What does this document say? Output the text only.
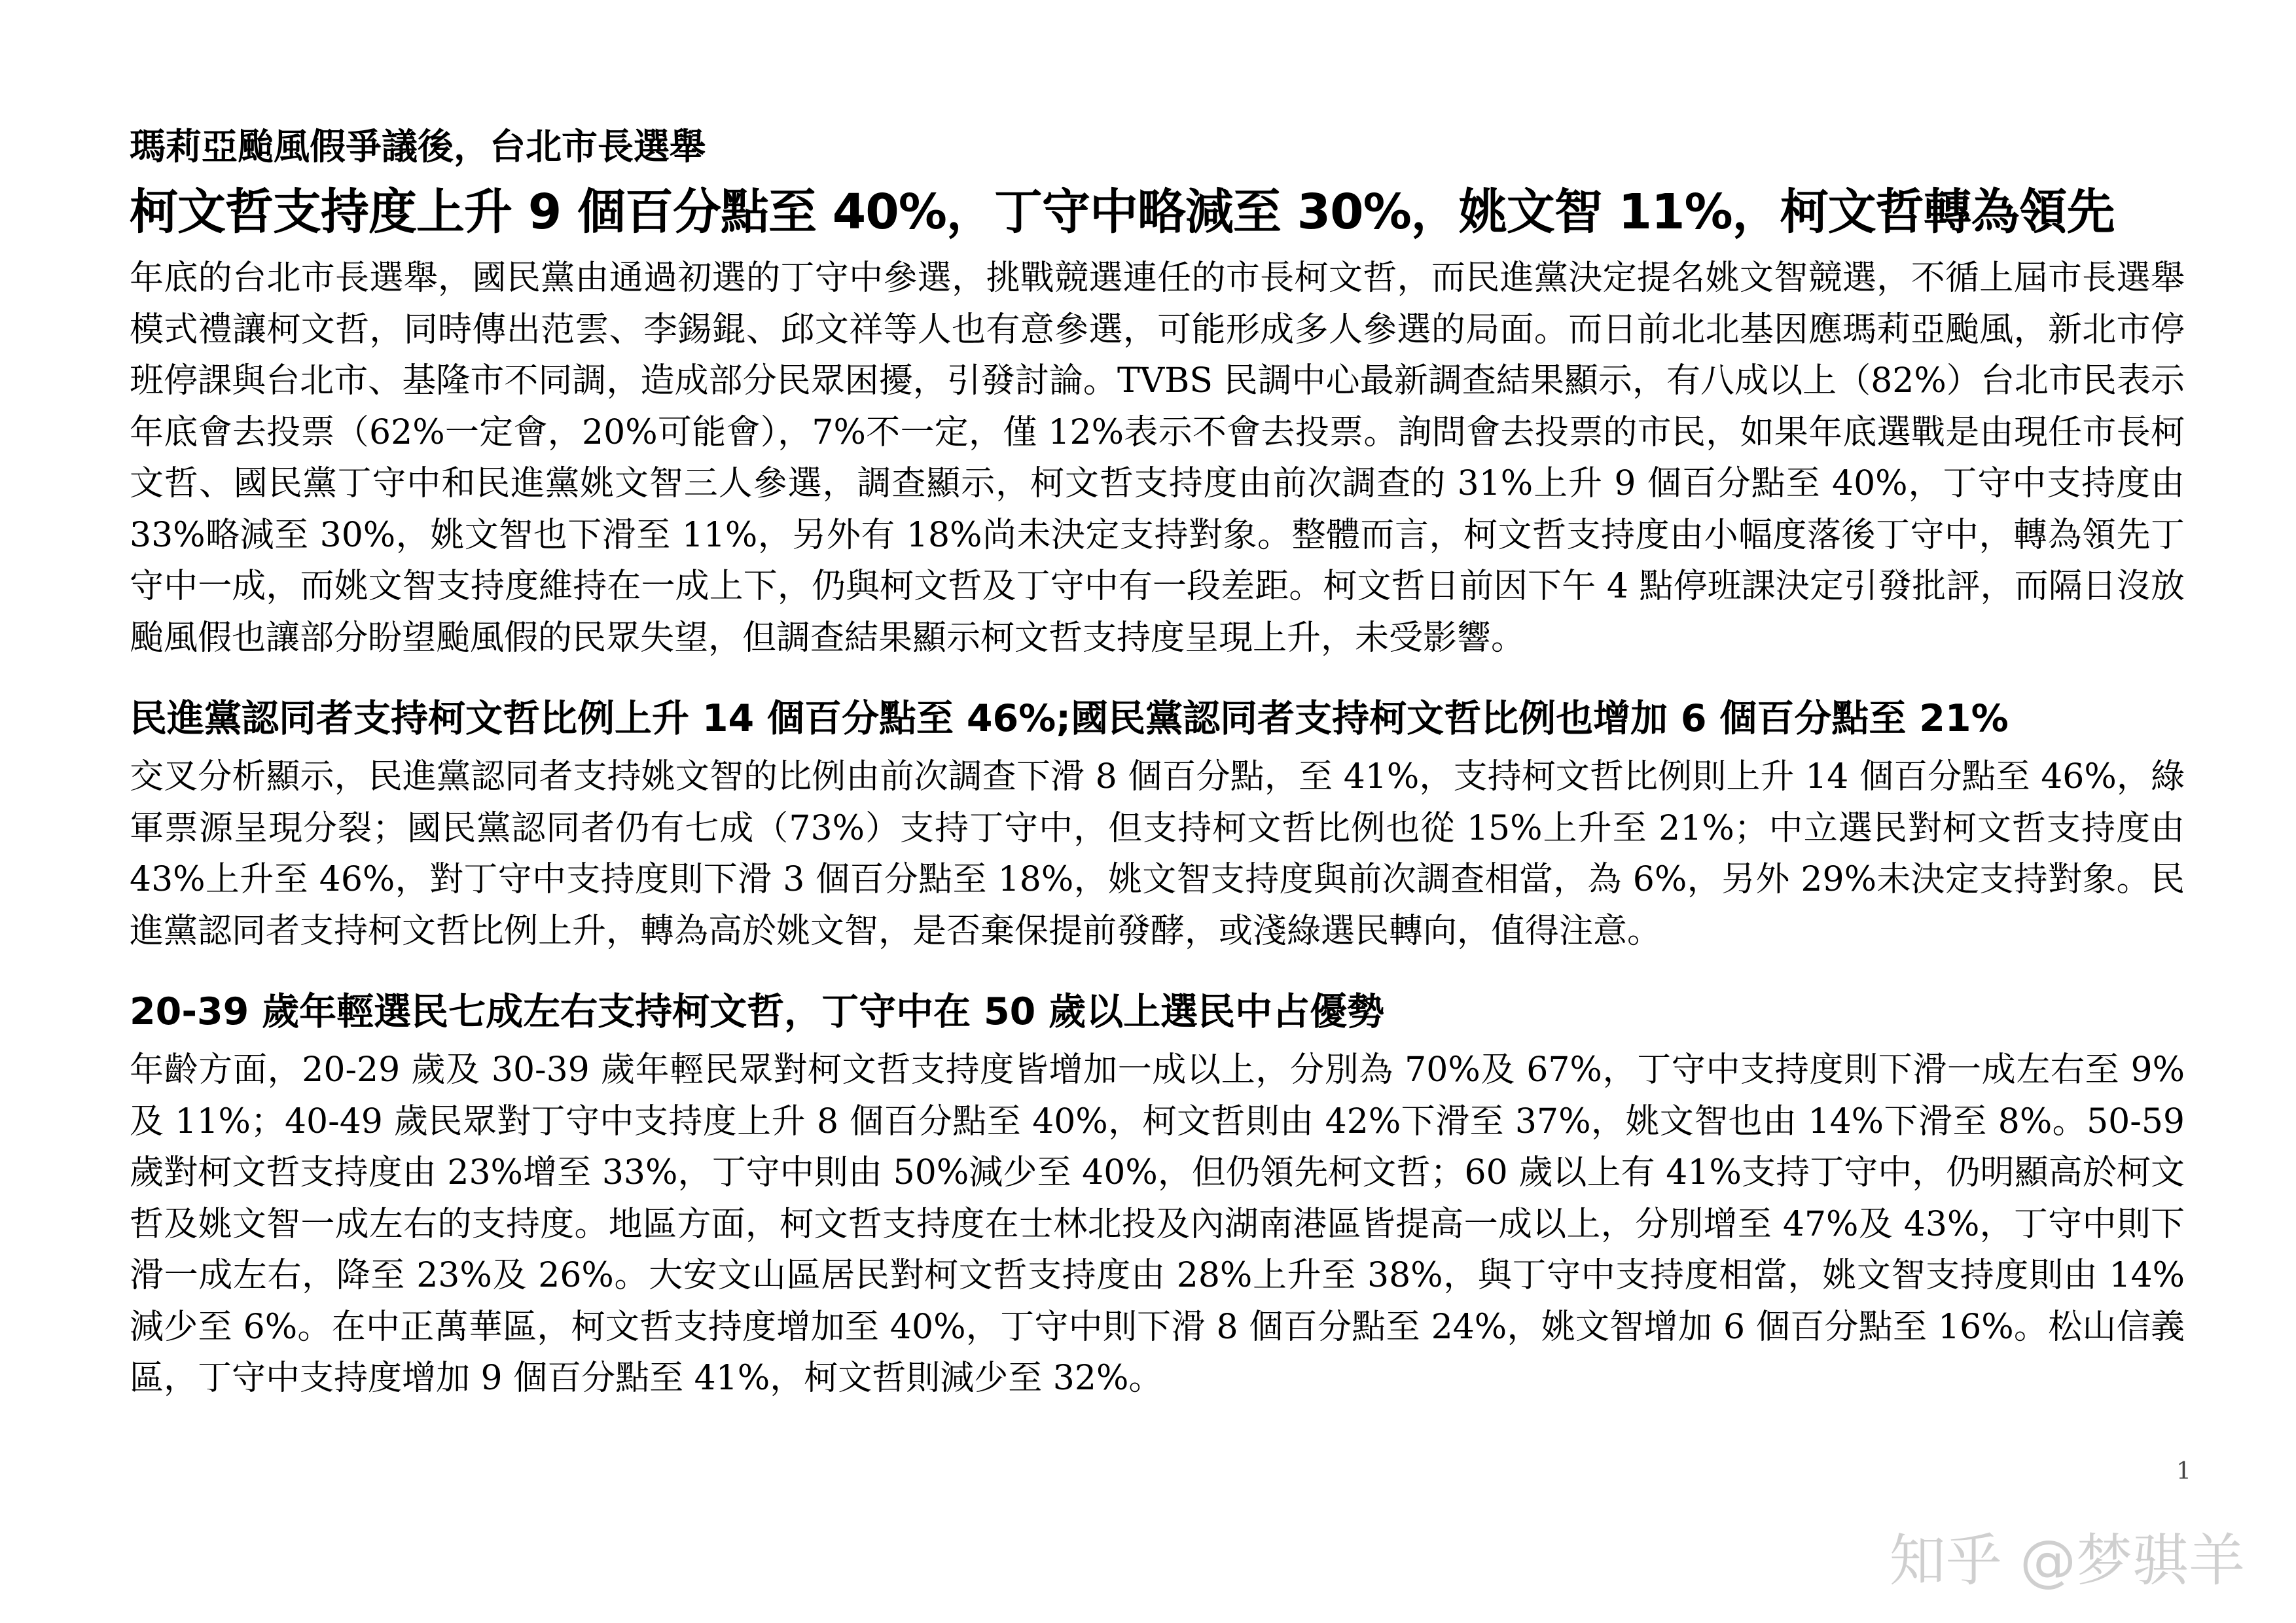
瑪莉亞颱風假爭議後，台北市長選舉
柯文哲支持度上升 9 個百分點至 40%，丁守中略減至 30%，姚文智 11%，柯文哲轉為領先

年底的台北市長選舉，國民黨由通過初選的丁守中參選，挑戰競選連任的市長柯文哲，而民進黨決定提名姚文智競選，不循上屆市長選舉模式禮讓柯文哲，同時傳出范雲、李錫錕、邱文祥等人也有意參選，可能形成多人參選的局面。而日前北北基因應瑪莉亞颱風，新北市停班停課與台北市、基隆市不同調，造成部分民眾困擾，引發討論。TVBS 民調中心最新調查結果顯示，有八成以上（82%）台北市民表示年底會去投票（62%一定會，20%可能會），7%不一定，僅 12%表示不會去投票。詢問會去投票的市民，如果年底選戰是由現任市長柯文哲、國民黨丁守中和民進黨姚文智三人參選，調查顯示，柯文哲支持度由前次調查的 31%上升 9 個百分點至 40%，丁守中支持度由 33%略減至 30%，姚文智也下滑至 11%，另外有 18%尚未決定支持對象。整體而言，柯文哲支持度由小幅度落後丁守中，轉為領先丁守中一成，而姚文智支持度維持在一成上下，仍與柯文哲及丁守中有一段差距。柯文哲日前因下午 4 點停班課決定引發批評，而隔日沒放颱風假也讓部分盼望颱風假的民眾失望，但調查結果顯示柯文哲支持度呈現上升，未受影響。

民進黨認同者支持柯文哲比例上升 14 個百分點至 46%;國民黨認同者支持柯文哲比例也增加 6 個百分點至 21%

交叉分析顯示，民進黨認同者支持姚文智的比例由前次調查下滑 8 個百分點，至 41%，支持柯文哲比例則上升 14 個百分點至 46%，綠軍票源呈現分裂；國民黨認同者仍有七成（73%）支持丁守中，但支持柯文哲比例也從 15%上升至 21%；中立選民對柯文哲支持度由 43%上升至 46%，對丁守中支持度則下滑 3 個百分點至 18%，姚文智支持度與前次調查相當，為 6%，另外 29%未決定支持對象。民進黨認同者支持柯文哲比例上升，轉為高於姚文智，是否棄保提前發酵，或淺綠選民轉向，值得注意。

20-39 歲年輕選民七成左右支持柯文哲，丁守中在 50 歲以上選民中占優勢

年齡方面，20-29 歲及 30-39 歲年輕民眾對柯文哲支持度皆增加一成以上，分別為 70%及 67%，丁守中支持度則下滑一成左右至 9%及 11%；40-49 歲民眾對丁守中支持度上升 8 個百分點至 40%，柯文哲則由 42%下滑至 37%，姚文智也由 14%下滑至 8%。50-59 歲對柯文哲支持度由 23%增至 33%，丁守中則由 50%減少至 40%，但仍領先柯文哲；60 歲以上有 41%支持丁守中，仍明顯高於柯文哲及姚文智一成左右的支持度。地區方面，柯文哲支持度在士林北投及內湖南港區皆提高一成以上，分別增至 47%及 43%，丁守中則下滑一成左右，降至 23%及 26%。大安文山區居民對柯文哲支持度由 28%上升至 38%，與丁守中支持度相當，姚文智支持度則由 14%減少至 6%。在中正萬華區，柯文哲支持度增加至 40%，丁守中則下滑 8 個百分點至 24%，姚文智增加 6 個百分點至 16%。松山信義區，丁守中支持度增加 9 個百分點至 41%，柯文哲則減少至 32%。

1
知乎 @梦骐羊
